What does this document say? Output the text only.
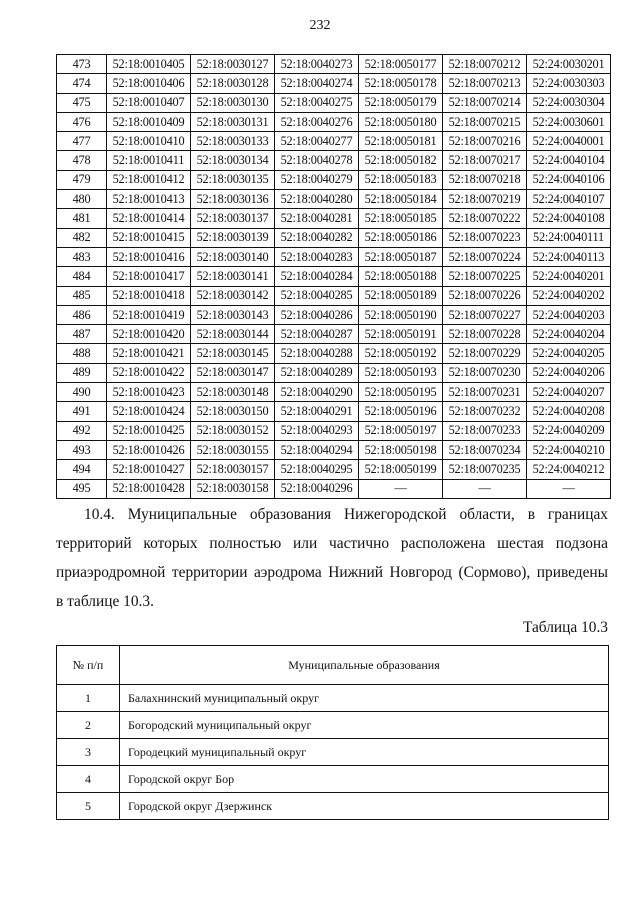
232
473	52:18:0010405	52:18:0030127	52:18:0040273	52:18:0050177	52:18:0070212	52:24:0030201
474	52:18:0010406	52:18:0030128	52:18:0040274	52:18:0050178	52:18:0070213	52:24:0030303
475	52:18:0010407	52:18:0030130	52:18:0040275	52:18:0050179	52:18:0070214	52:24:0030304
476	52:18:0010409	52:18:0030131	52:18:0040276	52:18:0050180	52:18:0070215	52:24:0030601
477	52:18:0010410	52:18:0030133	52:18:0040277	52:18:0050181	52:18:0070216	52:24:0040001
478	52:18:0010411	52:18:0030134	52:18:0040278	52:18:0050182	52:18:0070217	52:24:0040104
479	52:18:0010412	52:18:0030135	52:18:0040279	52:18:0050183	52:18:0070218	52:24:0040106
480	52:18:0010413	52:18:0030136	52:18:0040280	52:18:0050184	52:18:0070219	52:24:0040107
481	52:18:0010414	52:18:0030137	52:18:0040281	52:18:0050185	52:18:0070222	52:24:0040108
482	52:18:0010415	52:18:0030139	52:18:0040282	52:18:0050186	52:18:0070223	52:24:0040111
483	52:18:0010416	52:18:0030140	52:18:0040283	52:18:0050187	52:18:0070224	52:24:0040113
484	52:18:0010417	52:18:0030141	52:18:0040284	52:18:0050188	52:18:0070225	52:24:0040201
485	52:18:0010418	52:18:0030142	52:18:0040285	52:18:0050189	52:18:0070226	52:24:0040202
486	52:18:0010419	52:18:0030143	52:18:0040286	52:18:0050190	52:18:0070227	52:24:0040203
487	52:18:0010420	52:18:0030144	52:18:0040287	52:18:0050191	52:18:0070228	52:24:0040204
488	52:18:0010421	52:18:0030145	52:18:0040288	52:18:0050192	52:18:0070229	52:24:0040205
489	52:18:0010422	52:18:0030147	52:18:0040289	52:18:0050193	52:18:0070230	52:24:0040206
490	52:18:0010423	52:18:0030148	52:18:0040290	52:18:0050195	52:18:0070231	52:24:0040207
491	52:18:0010424	52:18:0030150	52:18:0040291	52:18:0050196	52:18:0070232	52:24:0040208
492	52:18:0010425	52:18:0030152	52:18:0040293	52:18:0050197	52:18:0070233	52:24:0040209
493	52:18:0010426	52:18:0030155	52:18:0040294	52:18:0050198	52:18:0070234	52:24:0040210
494	52:18:0010427	52:18:0030157	52:18:0040295	52:18:0050199	52:18:0070235	52:24:0040212
495	52:18:0010428	52:18:0030158	52:18:0040296	—	—	—
10.4. Муниципальные образования Нижегородской области, в границах
территорий которых полностью или частично расположена шестая подзона
приаэродромной территории аэродрома Нижний Новгород (Сормово), приведены
в таблице 10.3.
Таблица 10.3
№ п/п	Муниципальные образования
1	Балахнинский муниципальный округ
2	Богородский муниципальный округ
3	Городецкий муниципальный округ
4	Городской округ Бор
5	Городской округ Дзержинск
